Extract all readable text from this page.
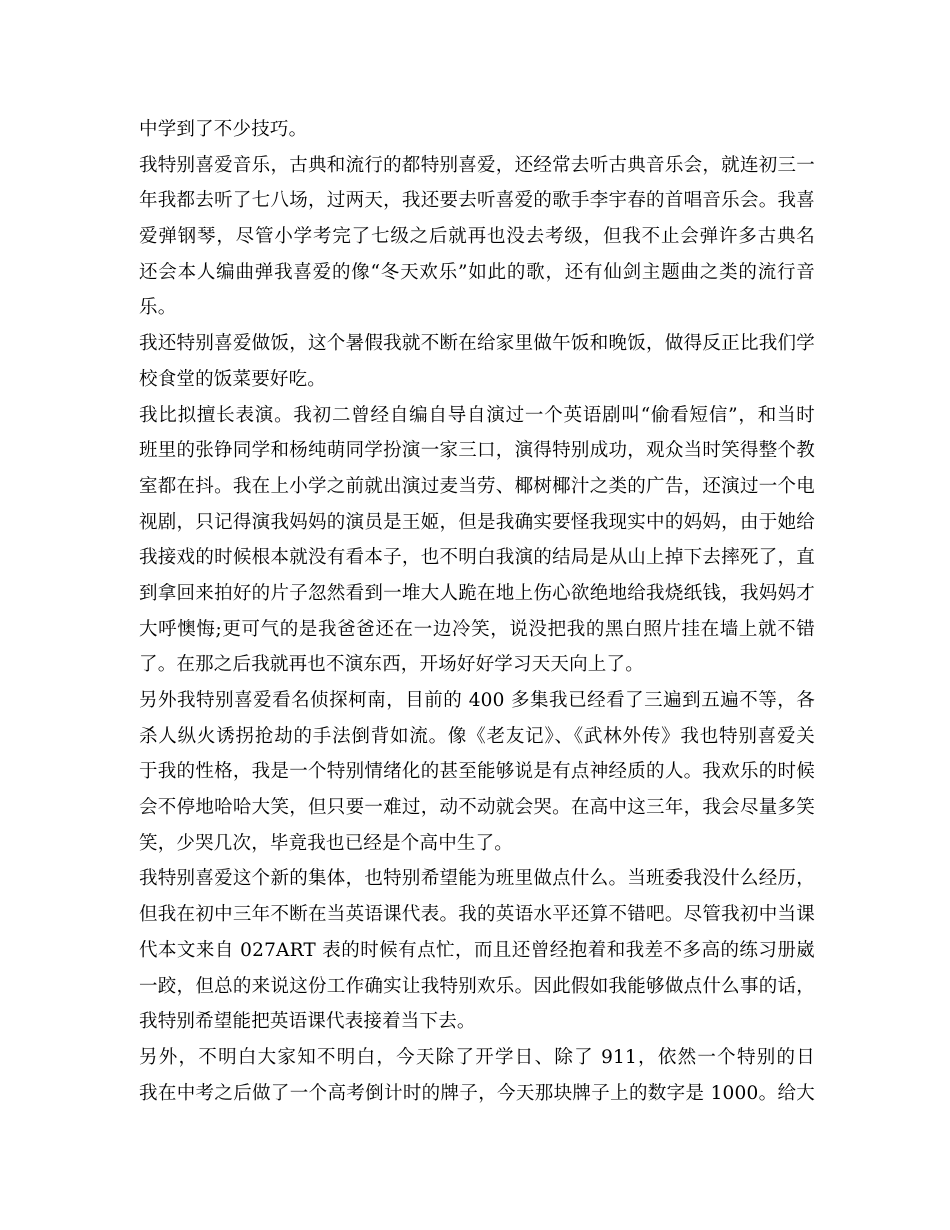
中学到了不少技巧。
我特别喜爱音乐，古典和流行的都特别喜爱，还经常去听古典音乐会，就连初三一
年我都去听了七八场，过两天，我还要去听喜爱的歌手李宇春的首唱音乐会。我喜
爱弹钢琴，尽管小学考完了七级之后就再也没去考级，但我不止会弹许多古典名
还会本人编曲弹我喜爱的像“冬天欢乐”如此的歌，还有仙剑主题曲之类的流行音
乐。
我还特别喜爱做饭，这个暑假我就不断在给家里做午饭和晚饭，做得反正比我们学
校食堂的饭菜要好吃。
我比拟擅长表演。我初二曾经自编自导自演过一个英语剧叫“偷看短信”，和当时
班里的张铮同学和杨纯萌同学扮演一家三口，演得特别成功，观众当时笑得整个教
室都在抖。我在上小学之前就出演过麦当劳、椰树椰汁之类的广告，还演过一个电
视剧，只记得演我妈妈的演员是王姬，但是我确实要怪我现实中的妈妈，由于她给
我接戏的时候根本就没有看本子，也不明白我演的结局是从山上掉下去摔死了，直
到拿回来拍好的片子忽然看到一堆大人跪在地上伤心欲绝地给我烧纸钱，我妈妈才
大呼懊悔;更可气的是我爸爸还在一边冷笑，说没把我的黑白照片挂在墙上就不错
了。在那之后我就再也不演东西，开场好好学习天天向上了。
另外我特别喜爱看名侦探柯南，目前的 400 多集我已经看了三遍到五遍不等，各
杀人纵火诱拐抢劫的手法倒背如流。像《老友记》、《武林外传》我也特别喜爱关
于我的性格，我是一个特别情绪化的甚至能够说是有点神经质的人。我欢乐的时候
会不停地哈哈大笑，但只要一难过，动不动就会哭。在高中这三年，我会尽量多笑
笑，少哭几次，毕竟我也已经是个高中生了。
我特别喜爱这个新的集体，也特别希望能为班里做点什么。当班委我没什么经历，
但我在初中三年不断在当英语课代表。我的英语水平还算不错吧。尽管我初中当课
代本文来自 027ART 表的时候有点忙，而且还曾经抱着和我差不多高的练习册崴
一跤，但总的来说这份工作确实让我特别欢乐。因此假如我能够做点什么事的话，
我特别希望能把英语课代表接着当下去。
另外，不明白大家知不明白，今天除了开学日、除了 911，依然一个特别的日
我在中考之后做了一个高考倒计时的牌子，今天那块牌子上的数字是 1000。给大
